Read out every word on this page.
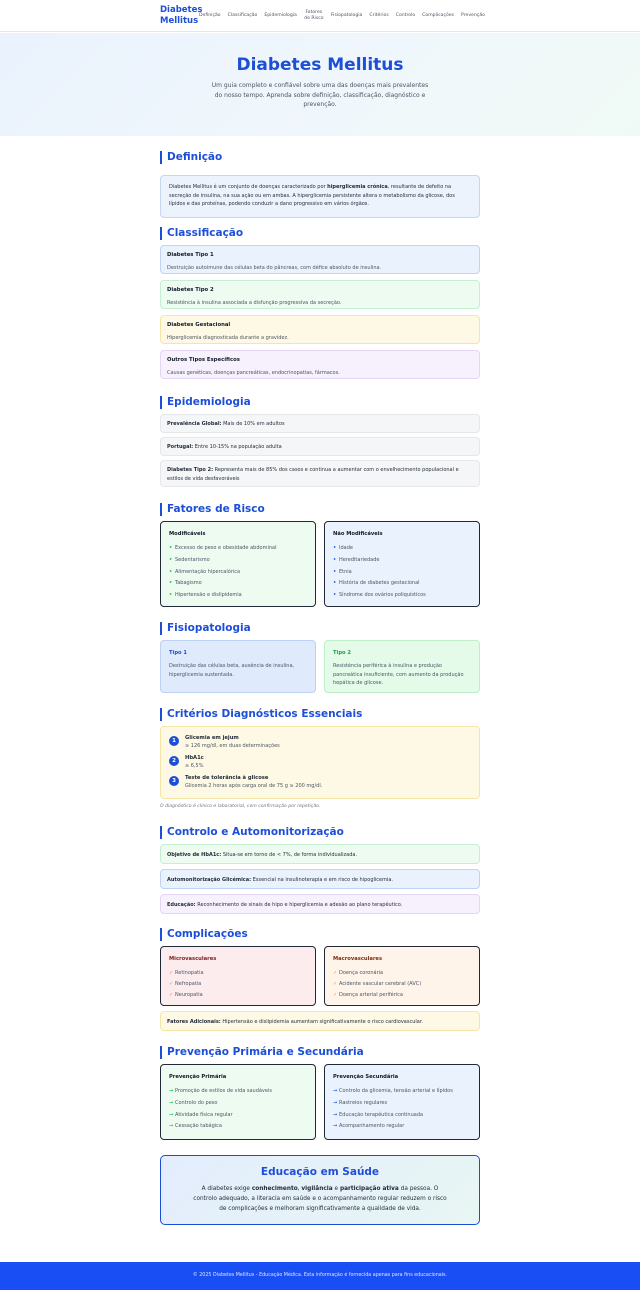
Diabetes
Mellitus
Definição Classificação Epidemiologia
Fatores de Risco
Fisiopatologia Critérios Controlo Complicações Prevenção
Diabetes Mellitus

Um guia completo e confiável sobre uma das doenças mais prevalentes do nosso tempo. Aprenda sobre definição, classificação, diagnóstico e prevenção.

Definição
Diabetes Mellitus é um conjunto de doenças caracterizado por hiperglicemia crónica, resultante de defeito na secreção de insulina, na sua ação ou em ambas. A hiperglicemia persistente altera o metabolismo da glicose, dos lípidos e das proteínas, podendo conduzir a dano progressivo em vários órgãos.
Classificação
Diabetes Tipo 1
Destruição autoimune das células beta do pâncreas, com défice absoluto de insulina.
Diabetes Tipo 2
Resistência à insulina associada a disfunção progressiva da secreção.
Diabetes Gestacional
Hiperglicemia diagnosticada durante a gravidez.
Outros Tipos Específicos
Causas genéticas, doenças pancreáticas, endocrinopatias, fármacos.
Epidemiologia
Prevalência Global: Mais de 10% em adultos
Portugal: Entre 10-15% na população adulta
Diabetes Tipo 2: Representa mais de 85% dos casos e continua a aumentar com o envelhecimento populacional e estilos de vida desfavoráveis
Fatores de Risco
Modificáveis
• Excesso de peso e obesidade abdominal
• Sedentarismo
• Alimentação hipercalórica
• Tabagismo
• Hipertensão e dislipidemia
Não Modificáveis
• Idade
• Hereditariedade
• Etnia
• História de diabetes gestacional
• Síndrome dos ovários poliquísticos
Fisiopatologia
Tipo 1
Destruição das células beta, ausência de insulina, hiperglicemia sustentada.
Tipo 2
Resistência periférica à insulina e produção pancreática insuficiente, com aumento da produção hepática de glicose.
Critérios Diagnósticos Essenciais
1	Glicemia em jejum
≥ 126 mg/dl, em duas determinações
2	HbA1c
≥ 6,5%
3	Teste de tolerância à glicose
Glicemia 2 horas após carga oral de 75 g ≥ 200 mg/dl.
O diagnóstico é clínico e laboratorial, com confirmação por repetição.
Controlo e Automonitorização
Objetivo de HbA1c: Situa-se em torno de < 7%, de forma individualizada.
Automonitorização Glicémica: Essencial na insulinoterapia e em risco de hipoglicemia.
Educação: Reconhecimento de sinais de hipo e hiperglicemia e adesão ao plano terapêutico.
Complicações
Microvasculares
✓ Retinopatia
✓ Nefropatia
✓ Neuropatia
Macrovasculares
✓ Doença coronária
✓ Acidente vascular cerebral (AVC)
✓ Doença arterial periférica
Fatores Adicionais: Hipertensão e dislipidemia aumentam significativamente o risco cardiovascular.
Prevenção Primária e Secundária
Prevenção Primária
→ Promoção de estilos de vida saudáveis
→ Controlo do peso
→ Atividade física regular
→ Cessação tabágica
Prevenção Secundária
→ Controlo da glicemia, tensão arterial e lípidos
→ Rastreios regulares
→ Educação terapêutica continuada
→ Acompanhamento regular
Educação em Saúde
A diabetes exige conhecimento, vigilância e participação ativa da pessoa. O controlo adequado, a literacia em saúde e o acompanhamento regular reduzem o risco de complicações e melhoram significativamente a qualidade de vida.
© 2025 Diabetes Mellitus - Educação Médica. Esta informação é fornecida apenas para fins educacionais.
